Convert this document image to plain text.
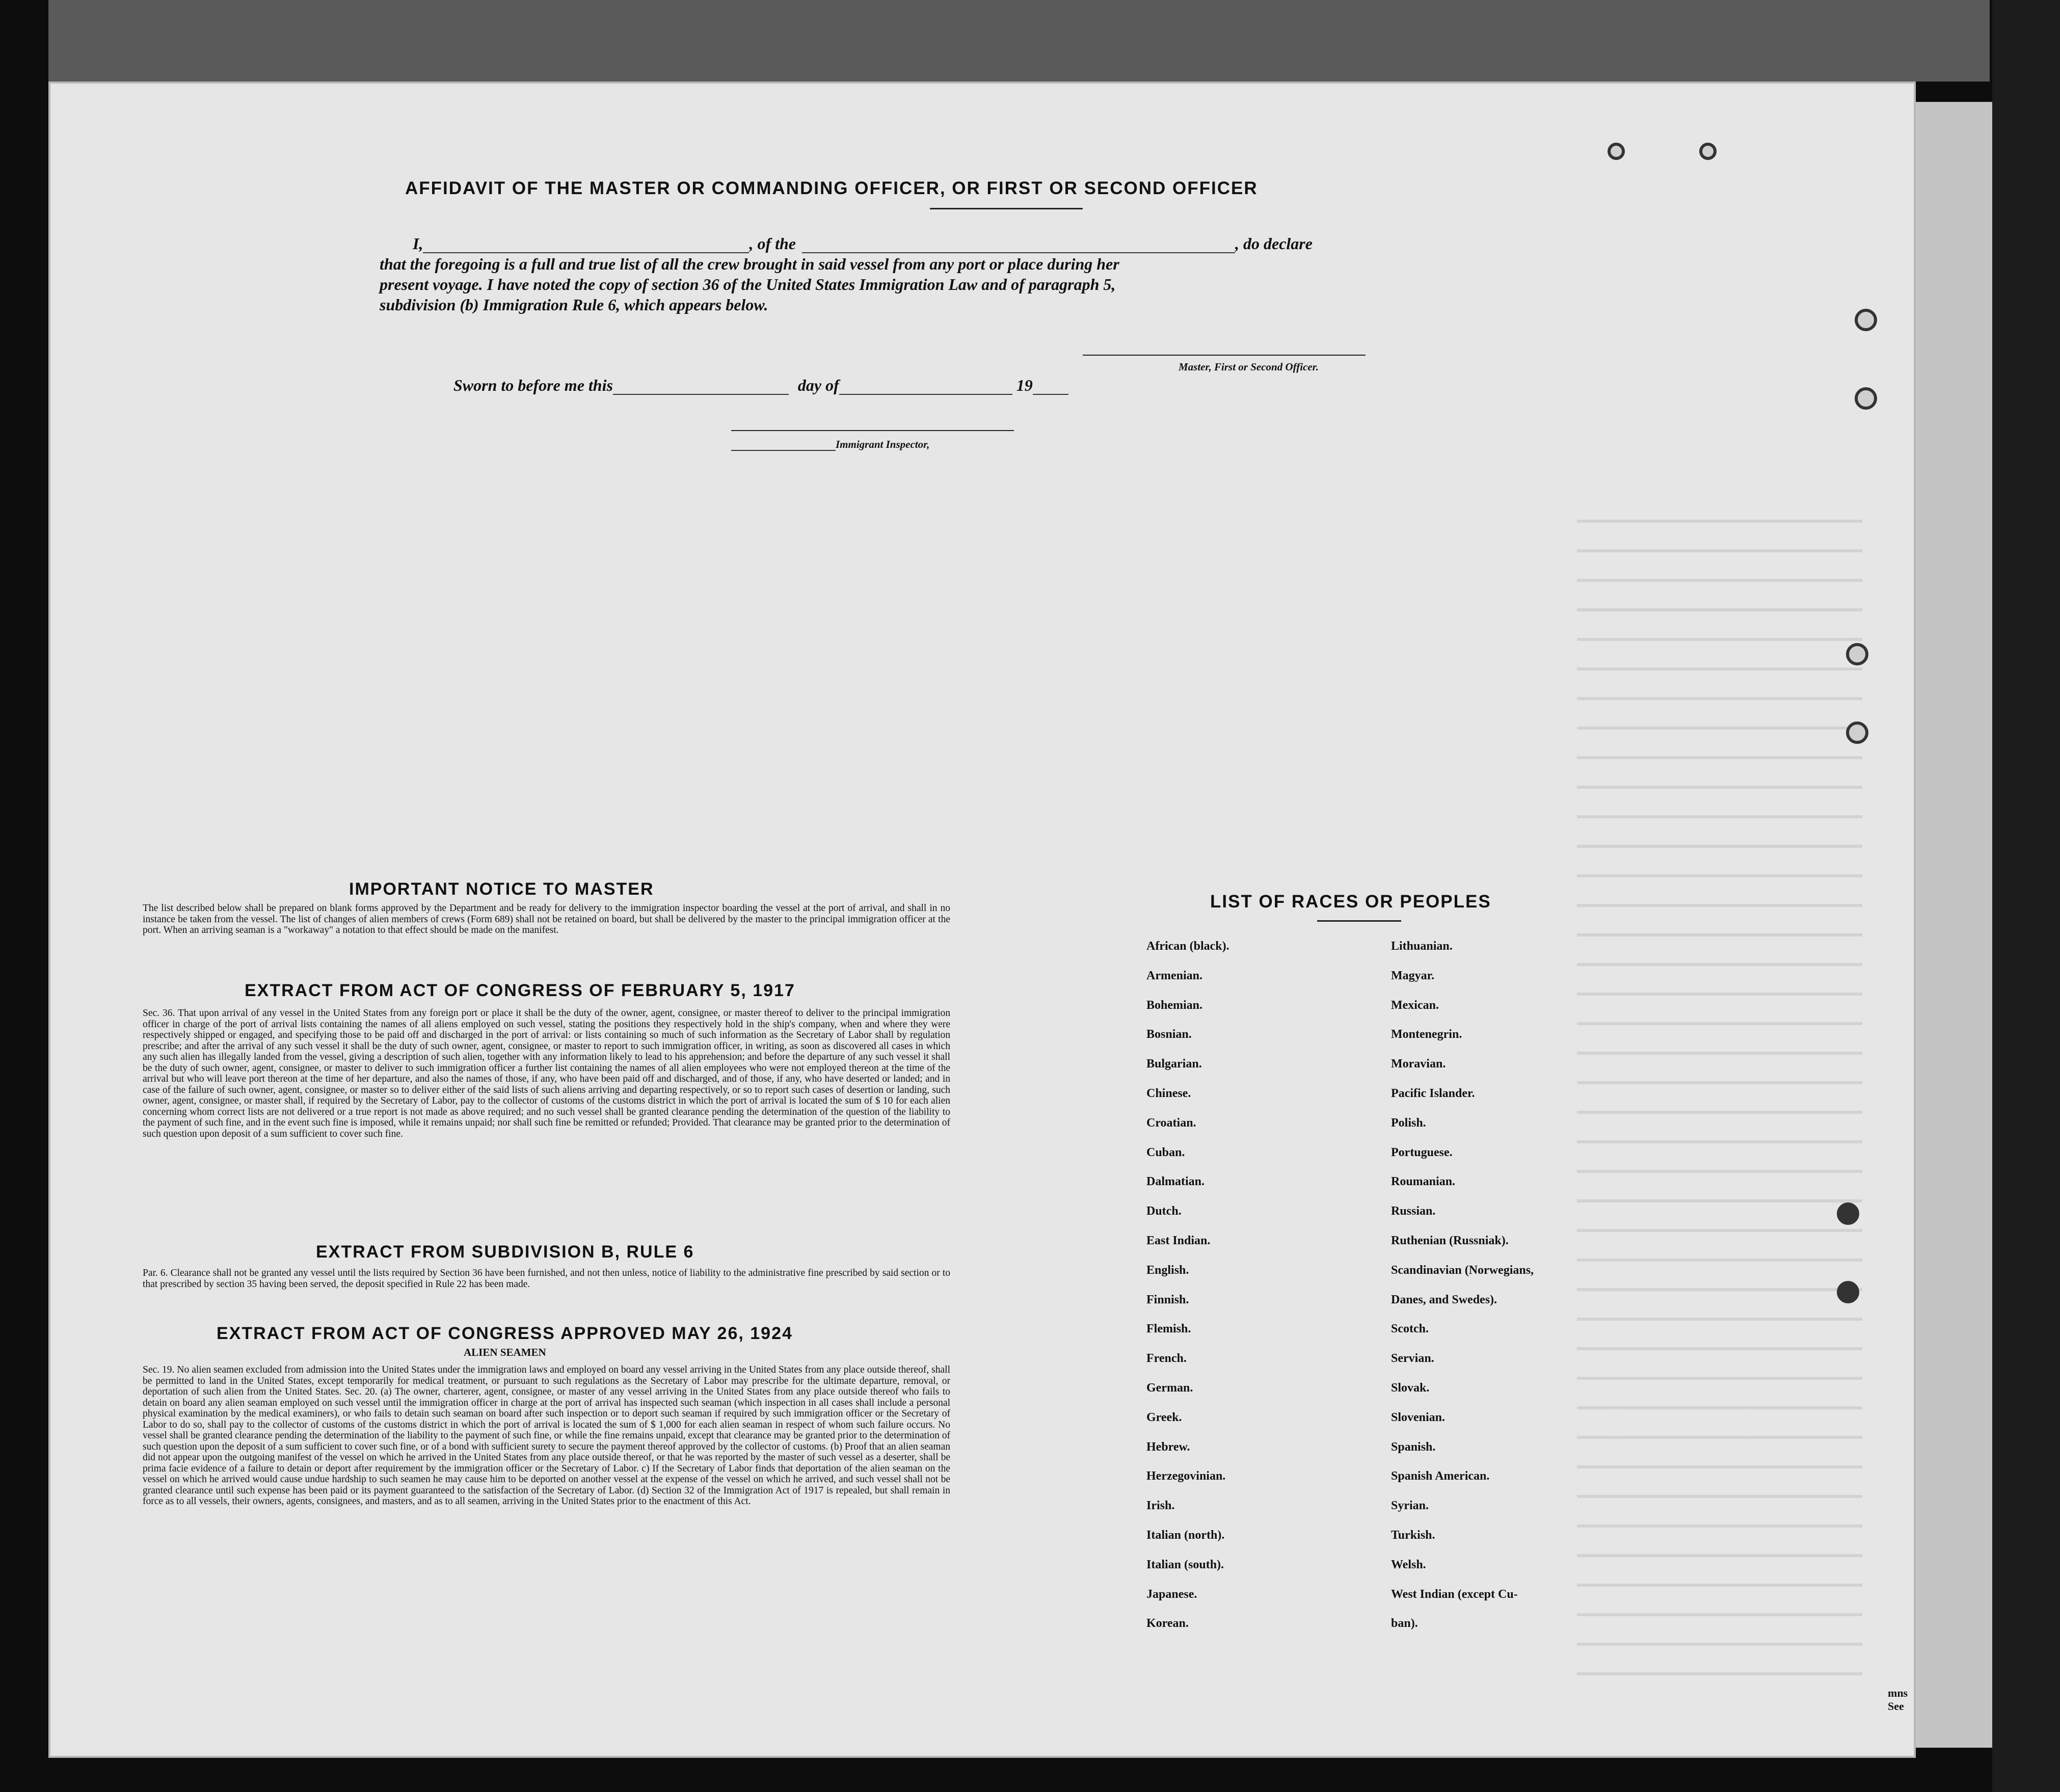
AFFIDAVIT OF THE MASTER OR COMMANDING OFFICER, OR FIRST OR SECOND OFFICER
I,	, of the	, do declare
that the foregoing is a full and true list of all the crew brought in said vessel from any port or place during her
present voyage. I have noted the copy of section 36 of the United States Immigration Law and of paragraph 5,
subdivision (b) Immigration Rule 6, which appears below.
Master, First or Second Officer.
Sworn to before me this	day of	19
Immigrant Inspector,
IMPORTANT NOTICE TO MASTER
The list described below shall be prepared on blank forms approved by the Department and be ready for delivery to the immigration inspector boarding the vessel at the port of arrival, and shall in no instance be taken from the vessel. The list of changes of alien members of crews (Form 689) shall not be retained on board, but shall be delivered by the master to the principal immigration officer at the port. When an arriving seaman is a "workaway" a notation to that effect should be made on the manifest.
EXTRACT FROM ACT OF CONGRESS OF FEBRUARY 5, 1917
Sec. 36. That upon arrival of any vessel in the United States from any foreign port or place it shall be the duty of the owner, agent, consignee, or master thereof to deliver to the principal immigration officer in charge of the port of arrival lists containing the names of all aliens employed on such vessel, stating the positions they respectively hold in the ship's company, when and where they were respectively shipped or engaged, and specifying those to be paid off and discharged in the port of arrival: or lists containing so much of such information as the Secretary of Labor shall by regulation prescribe; and after the arrival of any such vessel it shall be the duty of such owner, agent, consignee, or master to report to such immigration officer, in writing, as soon as discovered all cases in which any such alien has illegally landed from the vessel, giving a description of such alien, together with any information likely to lead to his apprehension; and before the departure of any such vessel it shall be the duty of such owner, agent, consignee, or master to deliver to such immigration officer a further list containing the names of all alien employees who were not employed thereon at the time of the arrival but who will leave port thereon at the time of her departure, and also the names of those, if any, who have been paid off and discharged, and of those, if any, who have deserted or landed; and in case of the failure of such owner, agent, consignee, or master so to deliver either of the said lists of such aliens arriving and departing respectively, or so to report such cases of desertion or landing, such owner, agent, consignee, or master shall, if required by the Secretary of Labor, pay to the collector of customs of the customs district in which the port of arrival is located the sum of $ 10 for each alien concerning whom correct lists are not delivered or a true report is not made as above required; and no such vessel shall be granted clearance pending the determination of the question of the liability to the payment of such fine, and in the event such fine is imposed, while it remains unpaid; nor shall such fine be remitted or refunded; Provided. That clearance may be granted prior to the determination of such question upon deposit of a sum sufficient to cover such fine.
EXTRACT FROM SUBDIVISION B, RULE 6
Par. 6. Clearance shall not be granted any vessel until the lists required by Section 36 have been furnished, and not then unless, notice of liability to the administrative fine prescribed by said section or to that prescribed by section 35 having been served, the deposit specified in Rule 22 has been made.
EXTRACT FROM ACT OF CONGRESS APPROVED MAY 26, 1924
ALIEN SEAMEN
Sec. 19. No alien seamen excluded from admission into the United States under the immigration laws and employed on board any vessel arriving in the United States from any place outside thereof, shall be permitted to land in the United States, except temporarily for medical treatment, or pursuant to such regulations as the Secretary of Labor may prescribe for the ultimate departure, removal, or deportation of such alien from the United States. Sec. 20. (a) The owner, charterer, agent, consignee, or master of any vessel arriving in the United States from any place outside thereof who fails to detain on board any alien seaman employed on such vessel until the immigration officer in charge at the port of arrival has inspected such seaman (which inspection in all cases shall include a personal physical examination by the medical examiners), or who fails to detain such seaman on board after such inspection or to deport such seaman if required by such immigration officer or the Secretary of Labor to do so, shall pay to the collector of customs of the customs district in which the port of arrival is located the sum of $ 1,000 for each alien seaman in respect of whom such failure occurs. No vessel shall be granted clearance pending the determination of the liability to the payment of such fine, or while the fine remains unpaid, except that clearance may be granted prior to the determination of such question upon the deposit of a sum sufficient to cover such fine, or of a bond with sufficient surety to secure the payment thereof approved by the collector of customs. (b) Proof that an alien seaman did not appear upon the outgoing manifest of the vessel on which he arrived in the United States from any place outside thereof, or that he was reported by the master of such vessel as a deserter, shall be prima facie evidence of a failure to detain or deport after requirement by the immigration officer or the Secretary of Labor. c) If the Secretary of Labor finds that deportation of the alien seaman on the vessel on which he arrived would cause undue hardship to such seamen he may cause him to be deported on another vessel at the expense of the vessel on which he arrived, and such vessel shall not be granted clearance until such expense has been paid or its payment guaranteed to the satisfaction of the Secretary of Labor. (d) Section 32 of the Immigration Act of 1917 is repealed, but shall remain in force as to all vessels, their owners, agents, consignees, and masters, and as to all seamen, arriving in the United States prior to the enactment of this Act.
LIST OF RACES OR PEOPLES
African (black).
Armenian.
Bohemian.
Bosnian.
Bulgarian.
Chinese.
Croatian.
Cuban.
Dalmatian.
Dutch.
East Indian.
English.
Finnish.
Flemish.
French.
German.
Greek.
Hebrew.
Herzegovinian.
Irish.
Italian (north).
Italian (south).
Japanese.
Korean.
Lithuanian.
Magyar.
Mexican.
Montenegrin.
Moravian.
Pacific Islander.
Polish.
Portuguese.
Roumanian.
Russian.
Ruthenian (Russniak).
Scandinavian (Norwegians,
Danes, and Swedes).
Scotch.
Servian.
Slovak.
Slovenian.
Spanish.
Spanish American.
Syrian.
Turkish.
Welsh.
West Indian (except Cu-
ban).
mns
See
